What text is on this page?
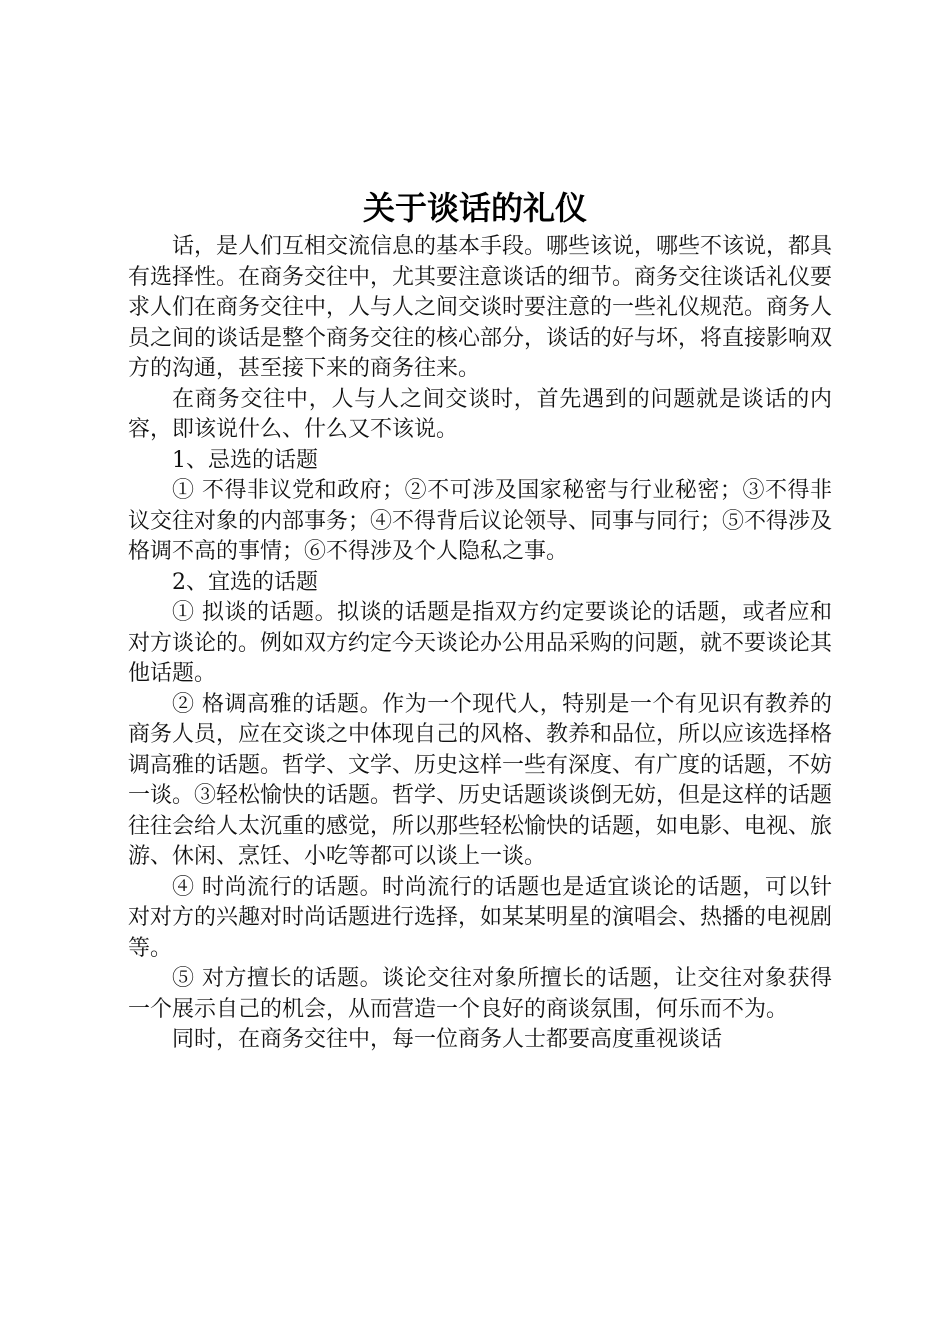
关于谈话的礼仪

话，是人们互相交流信息的基本手段。哪些该说，哪些不该说，都具有选择性。在商务交往中，尤其要注意谈话的细节。商务交往谈话礼仪要求人们在商务交往中，人与人之间交谈时要注意的一些礼仪规范。商务人员之间的谈话是整个商务交往的核心部分，谈话的好与坏，将直接影响双方的沟通，甚至接下来的商务往来。

在商务交往中，人与人之间交谈时，首先遇到的问题就是谈话的内容，即该说什么、什么又不该说。

1、忌选的话题

① 不得非议党和政府；②不可涉及国家秘密与行业秘密；③不得非议交往对象的内部事务；④不得背后议论领导、同事与同行；⑤不得涉及格调不高的事情；⑥不得涉及个人隐私之事。

2、宜选的话题

① 拟谈的话题。拟谈的话题是指双方约定要谈论的话题，或者应和对方谈论的。例如双方约定今天谈论办公用品采购的问题，就不要谈论其他话题。

② 格调高雅的话题。作为一个现代人，特别是一个有见识有教养的商务人员，应在交谈之中体现自己的风格、教养和品位，所以应该选择格调高雅的话题。哲学、文学、历史这样一些有深度、有广度的话题，不妨一谈。③轻松愉快的话题。哲学、历史话题谈谈倒无妨，但是这样的话题往往会给人太沉重的感觉，所以那些轻松愉快的话题，如电影、电视、旅游、休闲、烹饪、小吃等都可以谈上一谈。

④ 时尚流行的话题。时尚流行的话题也是适宜谈论的话题，可以针对对方的兴趣对时尚话题进行选择，如某某明星的演唱会、热播的电视剧等。

⑤ 对方擅长的话题。谈论交往对象所擅长的话题，让交往对象获得一个展示自己的机会，从而营造一个良好的商谈氛围，何乐而不为。

同时，在商务交往中，每一位商务人士都要高度重视谈话
